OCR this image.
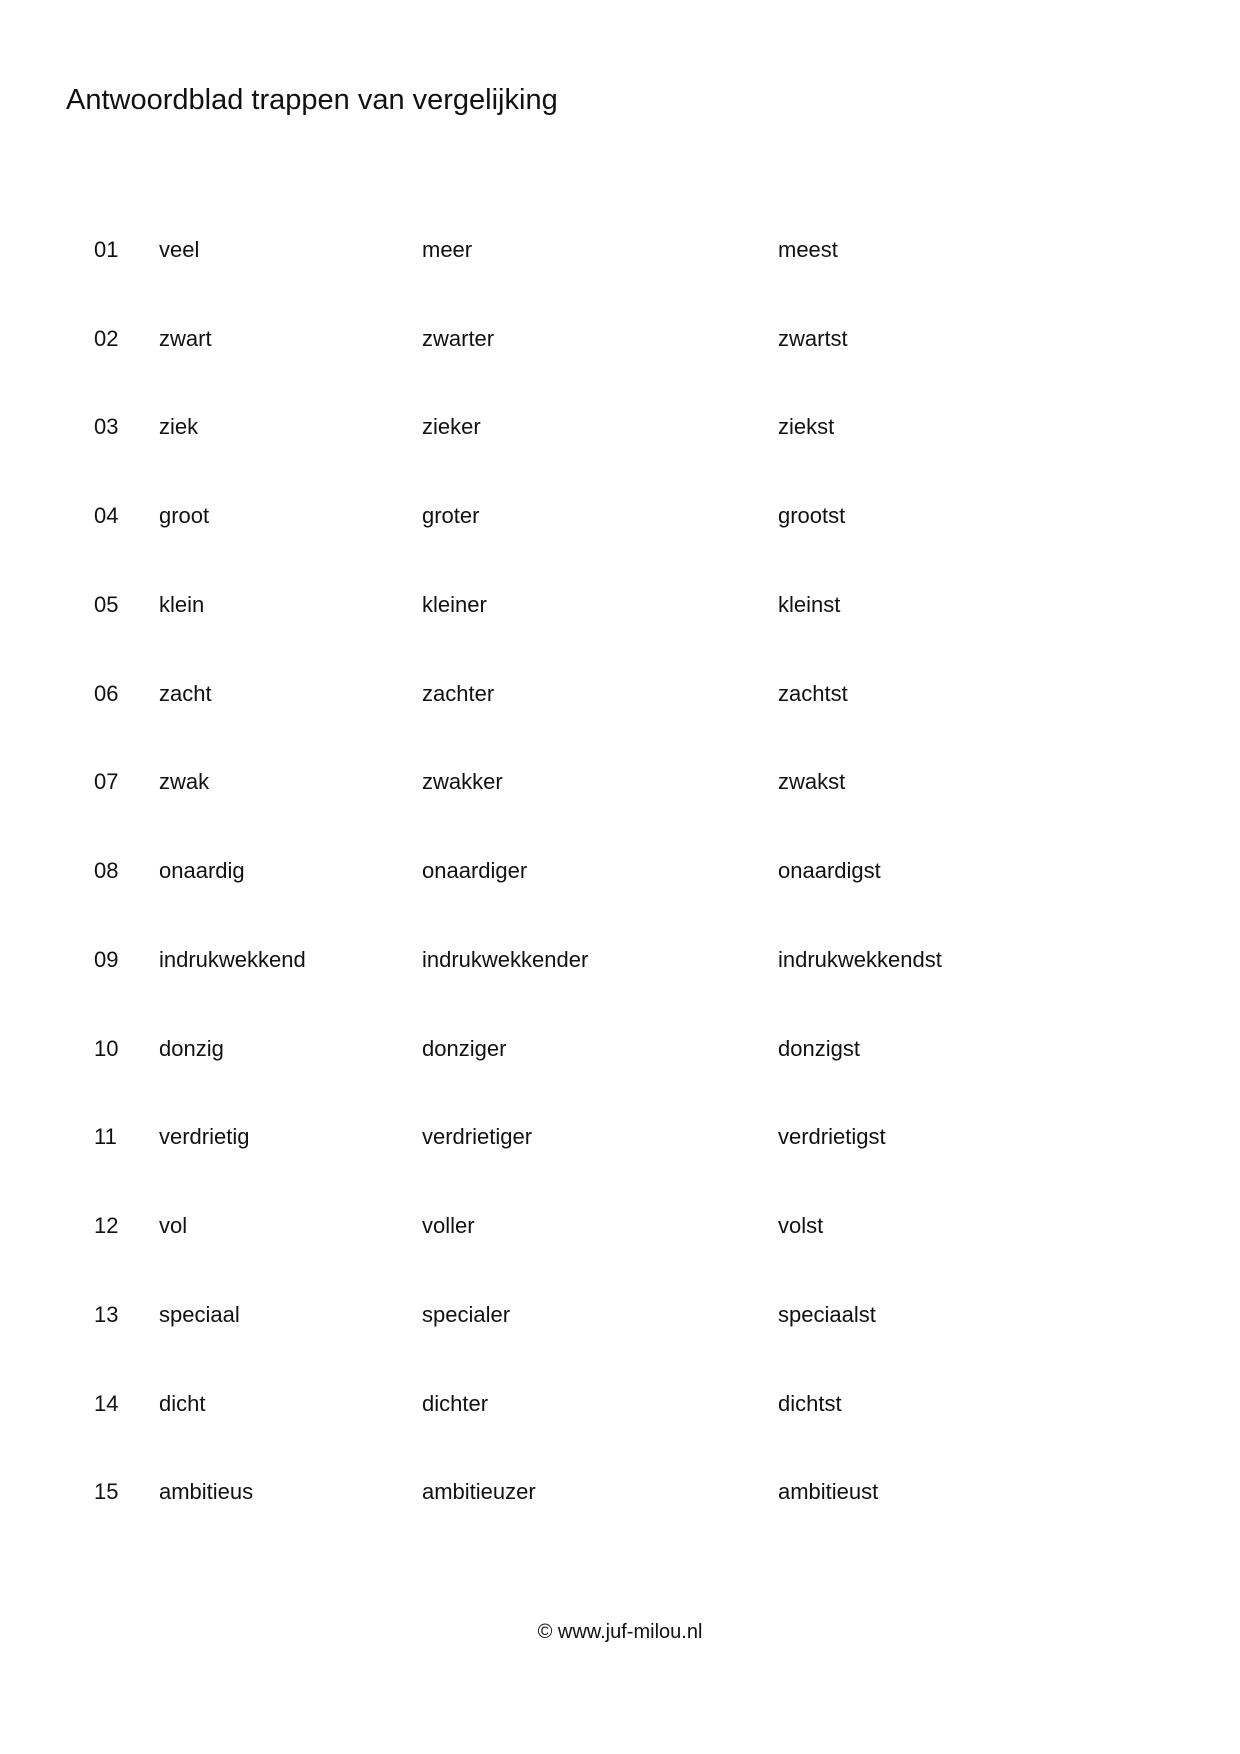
Antwoordblad trappen van vergelijking
01 veel	meer	meest
02 zwart	zwarter	zwartst
03 ziek	zieker	ziekst
04 groot	groter	grootst
05 klein	kleiner	kleinst
06 zacht	zachter	zachtst
07 zwak	zwakker	zwakst
08 onaardig	onaardiger	onaardigst
09 indrukwekkend	indrukwekkender	indrukwekkendst
10 donzig	donziger	donzigst
11 verdrietig	verdrietiger	verdrietigst
12 vol	voller	volst
13 speciaal	specialer	speciaalst
14 dicht	dichter	dichtst
15 ambitieus	ambitieuzer	ambitieust
© www.juf-milou.nl
